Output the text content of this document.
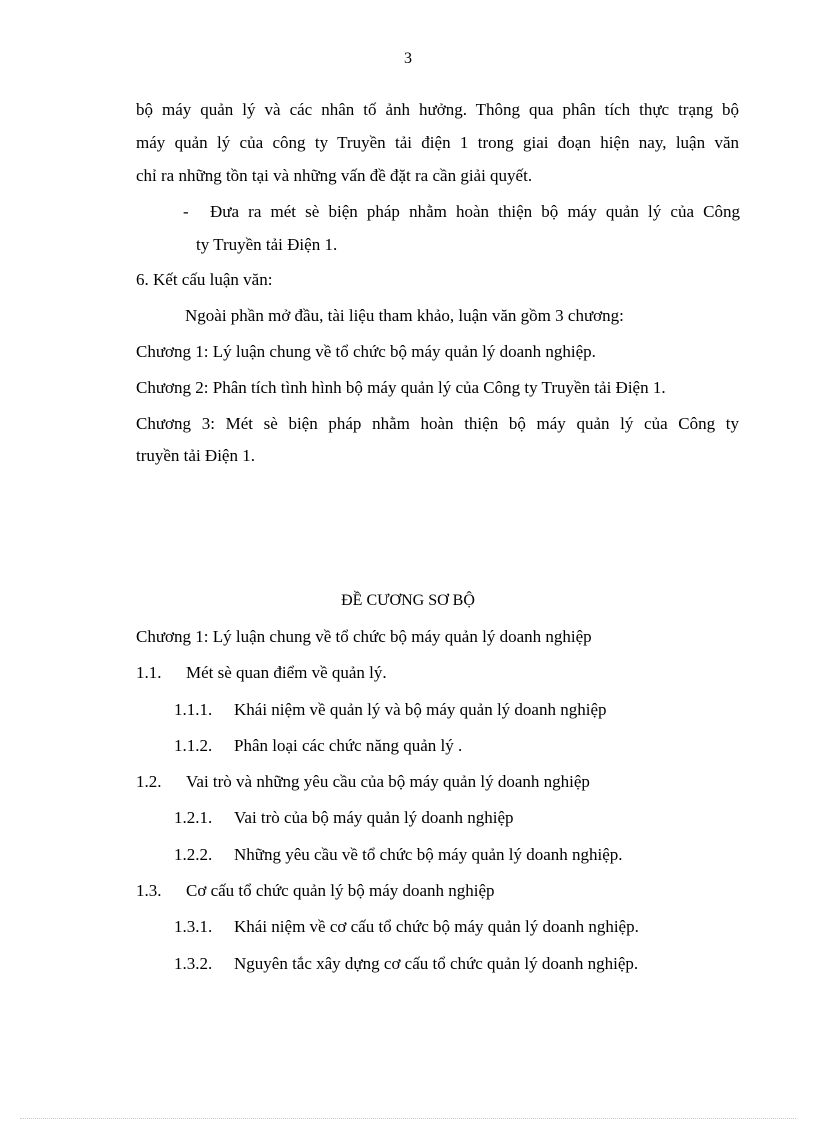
3
bộ máy quản lý và các nhân tố ảnh hưởng. Thông qua phân tích thực trạng bộ
máy quản lý của công ty Truyền tải điện 1 trong giai đoạn hiện nay, luận văn
chỉ ra những tồn tại và những vấn đề đặt ra cần giải quyết.
- Đưa ra mét sè biện pháp nhằm hoàn thiện bộ máy quản lý của Công
ty Truyền tải Điện 1.
6. Kết cấu luận văn:
Ngoài phần mở đầu, tài liệu tham khảo, luận văn gồm 3 chương:
Chương 1: Lý luận chung về tổ chức bộ máy quản lý doanh nghiệp.
Chương 2: Phân tích tình hình bộ máy quản lý của Công ty Truyền tải Điện 1.
Chương 3: Mét sè biện pháp nhằm hoàn thiện bộ máy quản lý của Công ty
truyền tải Điện 1.
ĐỀ CƯƠNG SƠ BỘ
Chương 1: Lý luận chung về tổ chức bộ máy quản lý doanh nghiệp
1.1. Mét sè quan điểm về quản lý.
1.1.1. Khái niệm về quản lý và bộ máy quản lý doanh nghiệp
1.1.2. Phân loại các chức năng quản lý .
1.2. Vai trò và những yêu cầu của bộ máy quản lý doanh nghiệp
1.2.1. Vai trò của bộ máy quản lý doanh nghiệp
1.2.2. Những yêu cầu về tổ chức bộ máy quản lý doanh nghiệp.
1.3. Cơ cấu tổ chức quản lý bộ máy doanh nghiệp
1.3.1. Khái niệm về cơ cấu tổ chức bộ máy quản lý doanh nghiệp.
1.3.2. Nguyên tắc xây dựng cơ cấu tổ chức quản lý doanh nghiệp.
